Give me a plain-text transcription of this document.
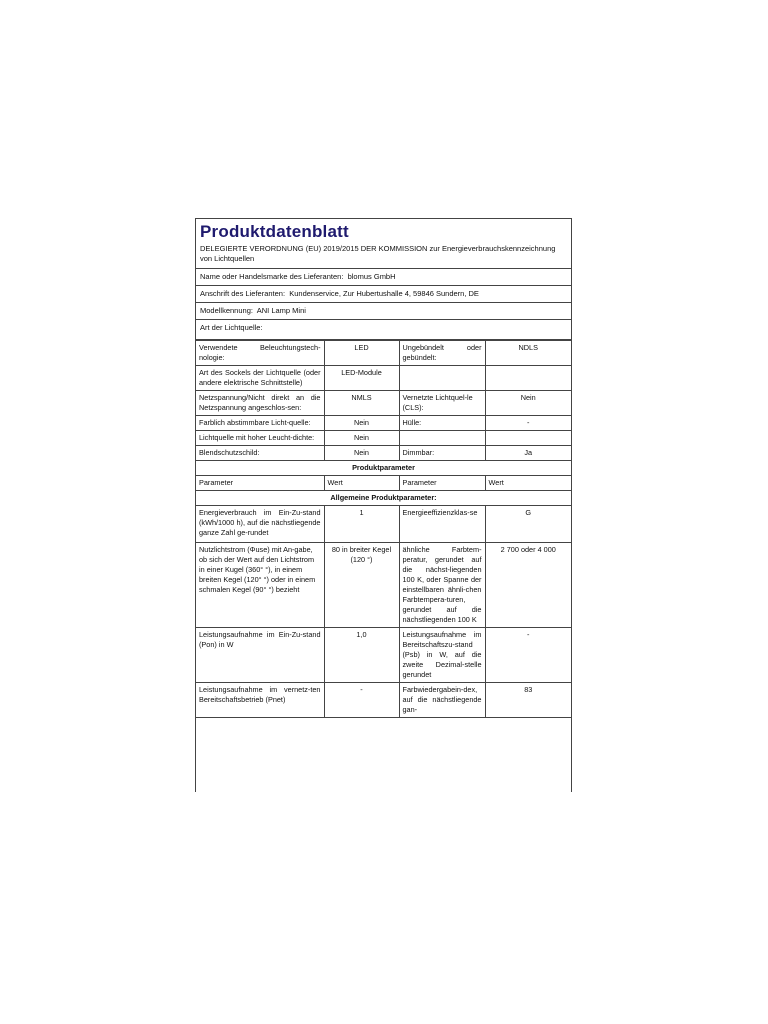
Produktdatenblatt
DELEGIERTE VERORDNUNG (EU) 2019/2015 DER KOMMISSION zur Energieverbrauchskennzeichnung von Lichtquellen
Name oder Handelsmarke des Lieferanten: blomus GmbH
Anschrift des Lieferanten: Kundenservice, Zur Hubertushalle 4, 59846 Sundern, DE
Modellkennung: ANI Lamp Mini
Art der Lichtquelle:
Verwendete Beleuchtungstech-nologie:	LED	Ungebündelt oder gebündelt:	NDLS
Art des Sockels der Lichtquelle (oder andere elektrische Schnittstelle)	LED-Module		
Netzspannung/Nicht direkt an die Netzspannung angeschlos-sen:	NMLS	Vernetzte Lichtquel-le (CLS):	Nein
Farblich abstimmbare Licht-quelle:	Nein	Hülle:	-
Lichtquelle mit hoher Leucht-dichte:	Nein		
Blendschutzschild:	Nein	Dimmbar:	Ja
Produktparameter			
Parameter	Wert	Parameter	Wert
Allgemeine Produktparameter:			
Energieverbrauch im Ein-Zu-stand (kWh/1000 h), auf die nächstliegende ganze Zahl ge-rundet	1	Energieeffizienzklas-se	G
Nutzlichtstrom (Φuse) mit An-gabe, ob sich der Wert auf den Lichtstrom in einer Kugel (360° °), in einem breiten Kegel (120° °) oder in einem schmalen Kegel (90° °) bezieht	80 in breiter Kegel (120 °)	ähnliche Farbtem-peratur, gerundet auf die nächst-liegenden 100 K, oder Spanne der einstellbaren ähnli-chen Farbtempera-turen, gerundet auf die nächstliegenden 100 K	2 700 oder 4 000
Leistungsaufnahme im Ein-Zu-stand (Pon) in W	1,0	Leistungsaufnahme im Bereitschaftszu-stand (Psb) in W, auf die zweite Dezimal-stelle gerundet	-
Leistungsaufnahme im vernetz-ten Bereitschaftsbetrieb (Pnet)	-	Farbwiedergabein-dex, auf die nächstliegende gan-	83
